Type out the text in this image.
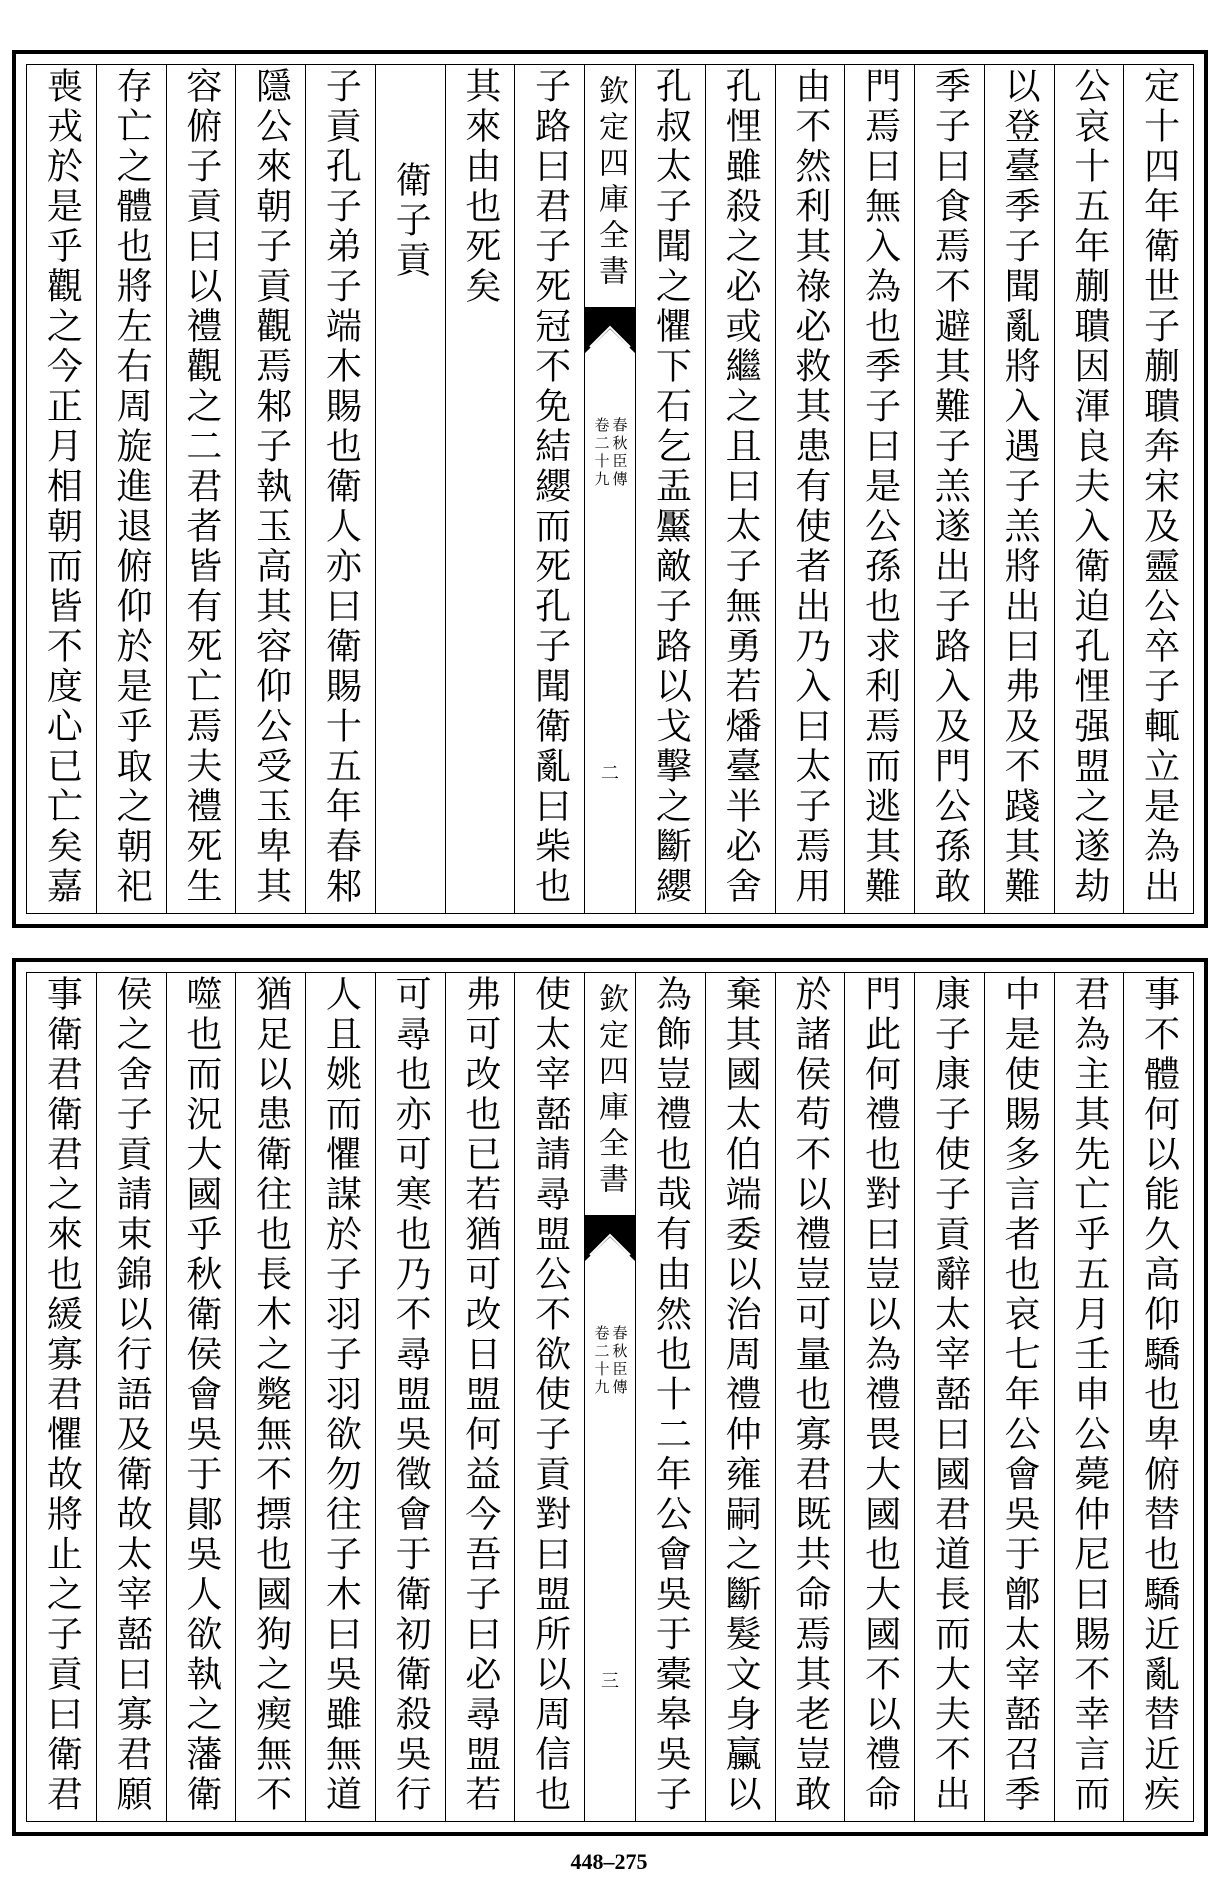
定十四年衛世子蒯聵奔宋及靈公卒子輒立是為出
公哀十五年蒯聵因渾良夫入衛迫孔悝强盟之遂劫
以登臺季子聞亂將入遇子羔將出曰弗及不踐其難
季子曰食焉不避其難子羔遂出子路入及門公孫敢
門焉曰無入為也季子曰是公孫也求利焉而逃其難
由不然利其祿必救其患有使者出乃入曰太子焉用
孔悝雖殺之必或繼之且曰太子無勇若燔臺半必舍
孔叔太子聞之懼下石乞盂黶敵子路以戈擊之斷纓
欽定四庫全書
春秋臣傳
卷二十九
二
子路曰君子死冠不免結纓而死孔子聞衛亂曰柴也
其來由也死矣
衛子貢
子貢孔子弟子端木賜也衛人亦曰衛賜十五年春邾
隱公來朝子貢觀焉邾子執玉高其容仰公受玉卑其
容俯子貢曰以禮觀之二君者皆有死亡焉夫禮死生
存亡之體也將左右周旋進退俯仰於是乎取之朝祀
喪戎於是乎觀之今正月相朝而皆不度心已亡矣嘉
事不體何以能久高仰驕也卑俯替也驕近亂替近疾
君為主其先亡乎五月壬申公薨仲尼曰賜不幸言而
中是使賜多言者也哀七年公會吳于鄫太宰嚭召季
康子康子使子貢辭太宰嚭曰國君道長而大夫不出
門此何禮也對曰豈以為禮畏大國也大國不以禮命
於諸侯苟不以禮豈可量也寡君既共命焉其老豈敢
棄其國太伯端委以治周禮仲雍嗣之斷髮文身臝以
為飾豈禮也哉有由然也十二年公會吳于橐皋吳子
欽定四庫全書
春秋臣傳
卷二十九
三
使太宰嚭請尋盟公不欲使子貢對曰盟所以周信也
弗可改也已若猶可改日盟何益今吾子曰必尋盟若
可尋也亦可寒也乃不尋盟吳徵會于衛初衛殺吳行
人且姚而懼謀於子羽子羽欲勿往子木曰吳雖無道
猶足以患衛往也長木之斃無不摽也國狗之瘈無不
噬也而況大國乎秋衛侯會吳于鄖吳人欲執之藩衛
侯之舍子貢請束錦以行語及衛故太宰嚭曰寡君願
事衛君衛君之來也緩寡君懼故將止之子貢曰衛君
448–275
